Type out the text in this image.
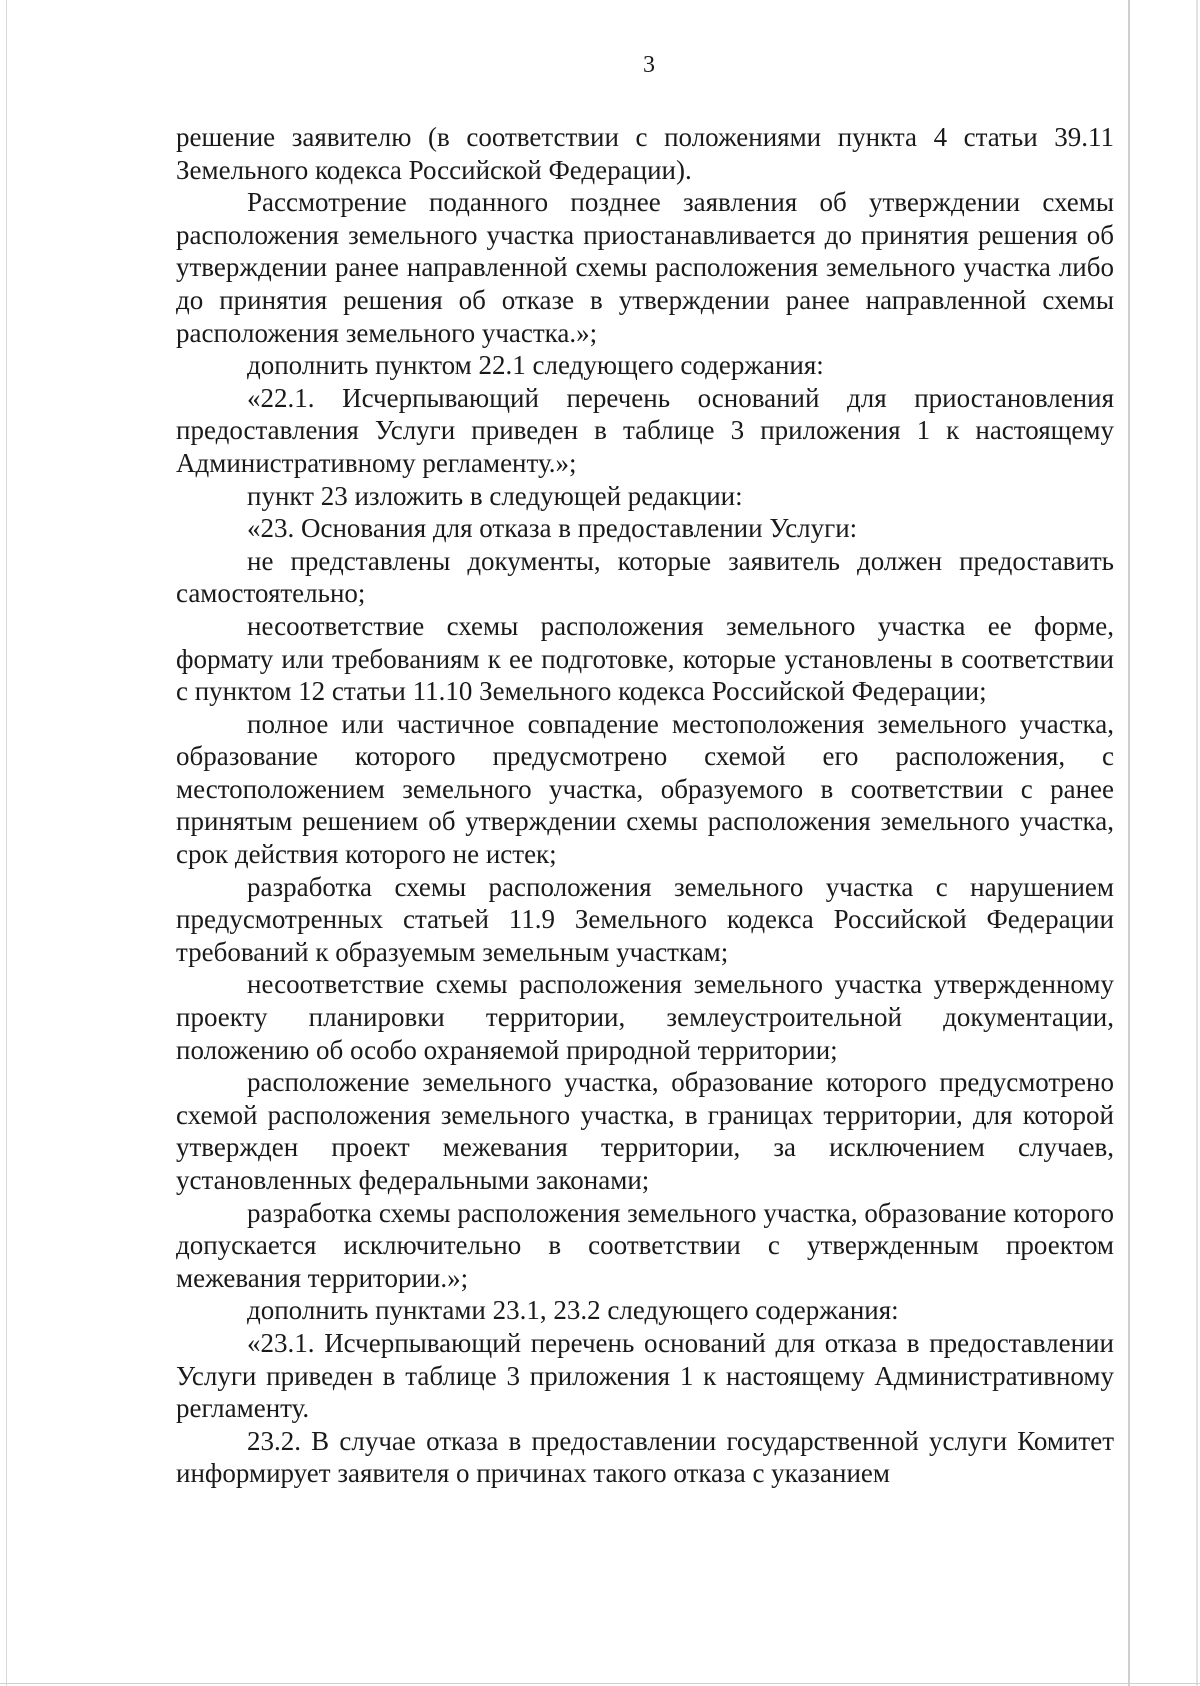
3

решение заявителю (в соответствии с положениями пункта 4 статьи 39.11 Земельного кодекса Российской Федерации).

Рассмотрение поданного позднее заявления об утверждении схемы расположения земельного участка приостанавливается до принятия решения об утверждении ранее направленной схемы расположения земельного участка либо до принятия решения об отказе в утверждении ранее направленной схемы расположения земельного участка.»;

дополнить пунктом 22.1 следующего содержания:

«22.1. Исчерпывающий перечень оснований для приостановления предоставления Услуги приведен в таблице 3 приложения 1 к настоящему Административному регламенту.»;

пункт 23 изложить в следующей редакции:

«23. Основания для отказа в предоставлении Услуги:

не представлены документы, которые заявитель должен предоставить самостоятельно;

несоответствие схемы расположения земельного участка ее форме, формату или требованиям к ее подготовке, которые установлены в соответствии с пунктом 12 статьи 11.10 Земельного кодекса Российской Федерации;

полное или частичное совпадение местоположения земельного участка, образование которого предусмотрено схемой его расположения, с местоположением земельного участка, образуемого в соответствии с ранее принятым решением об утверждении схемы расположения земельного участка, срок действия которого не истек;

разработка схемы расположения земельного участка с нарушением предусмотренных статьей 11.9 Земельного кодекса Российской Федерации требований к образуемым земельным участкам;

несоответствие схемы расположения земельного участка утвержденному проекту планировки территории, землеустроительной документации, положению об особо охраняемой природной территории;

расположение земельного участка, образование которого предусмотрено схемой расположения земельного участка, в границах территории, для которой утвержден проект межевания территории, за исключением случаев, установленных федеральными законами;

разработка схемы расположения земельного участка, образование которого допускается исключительно в соответствии с утвержденным проектом межевания территории.»;

дополнить пунктами 23.1, 23.2 следующего содержания:

«23.1. Исчерпывающий перечень оснований для отказа в предоставлении Услуги приведен в таблице 3 приложения 1 к настоящему Административному регламенту.

23.2. В случае отказа в предоставлении государственной услуги Комитет информирует заявителя о причинах такого отказа с указанием
